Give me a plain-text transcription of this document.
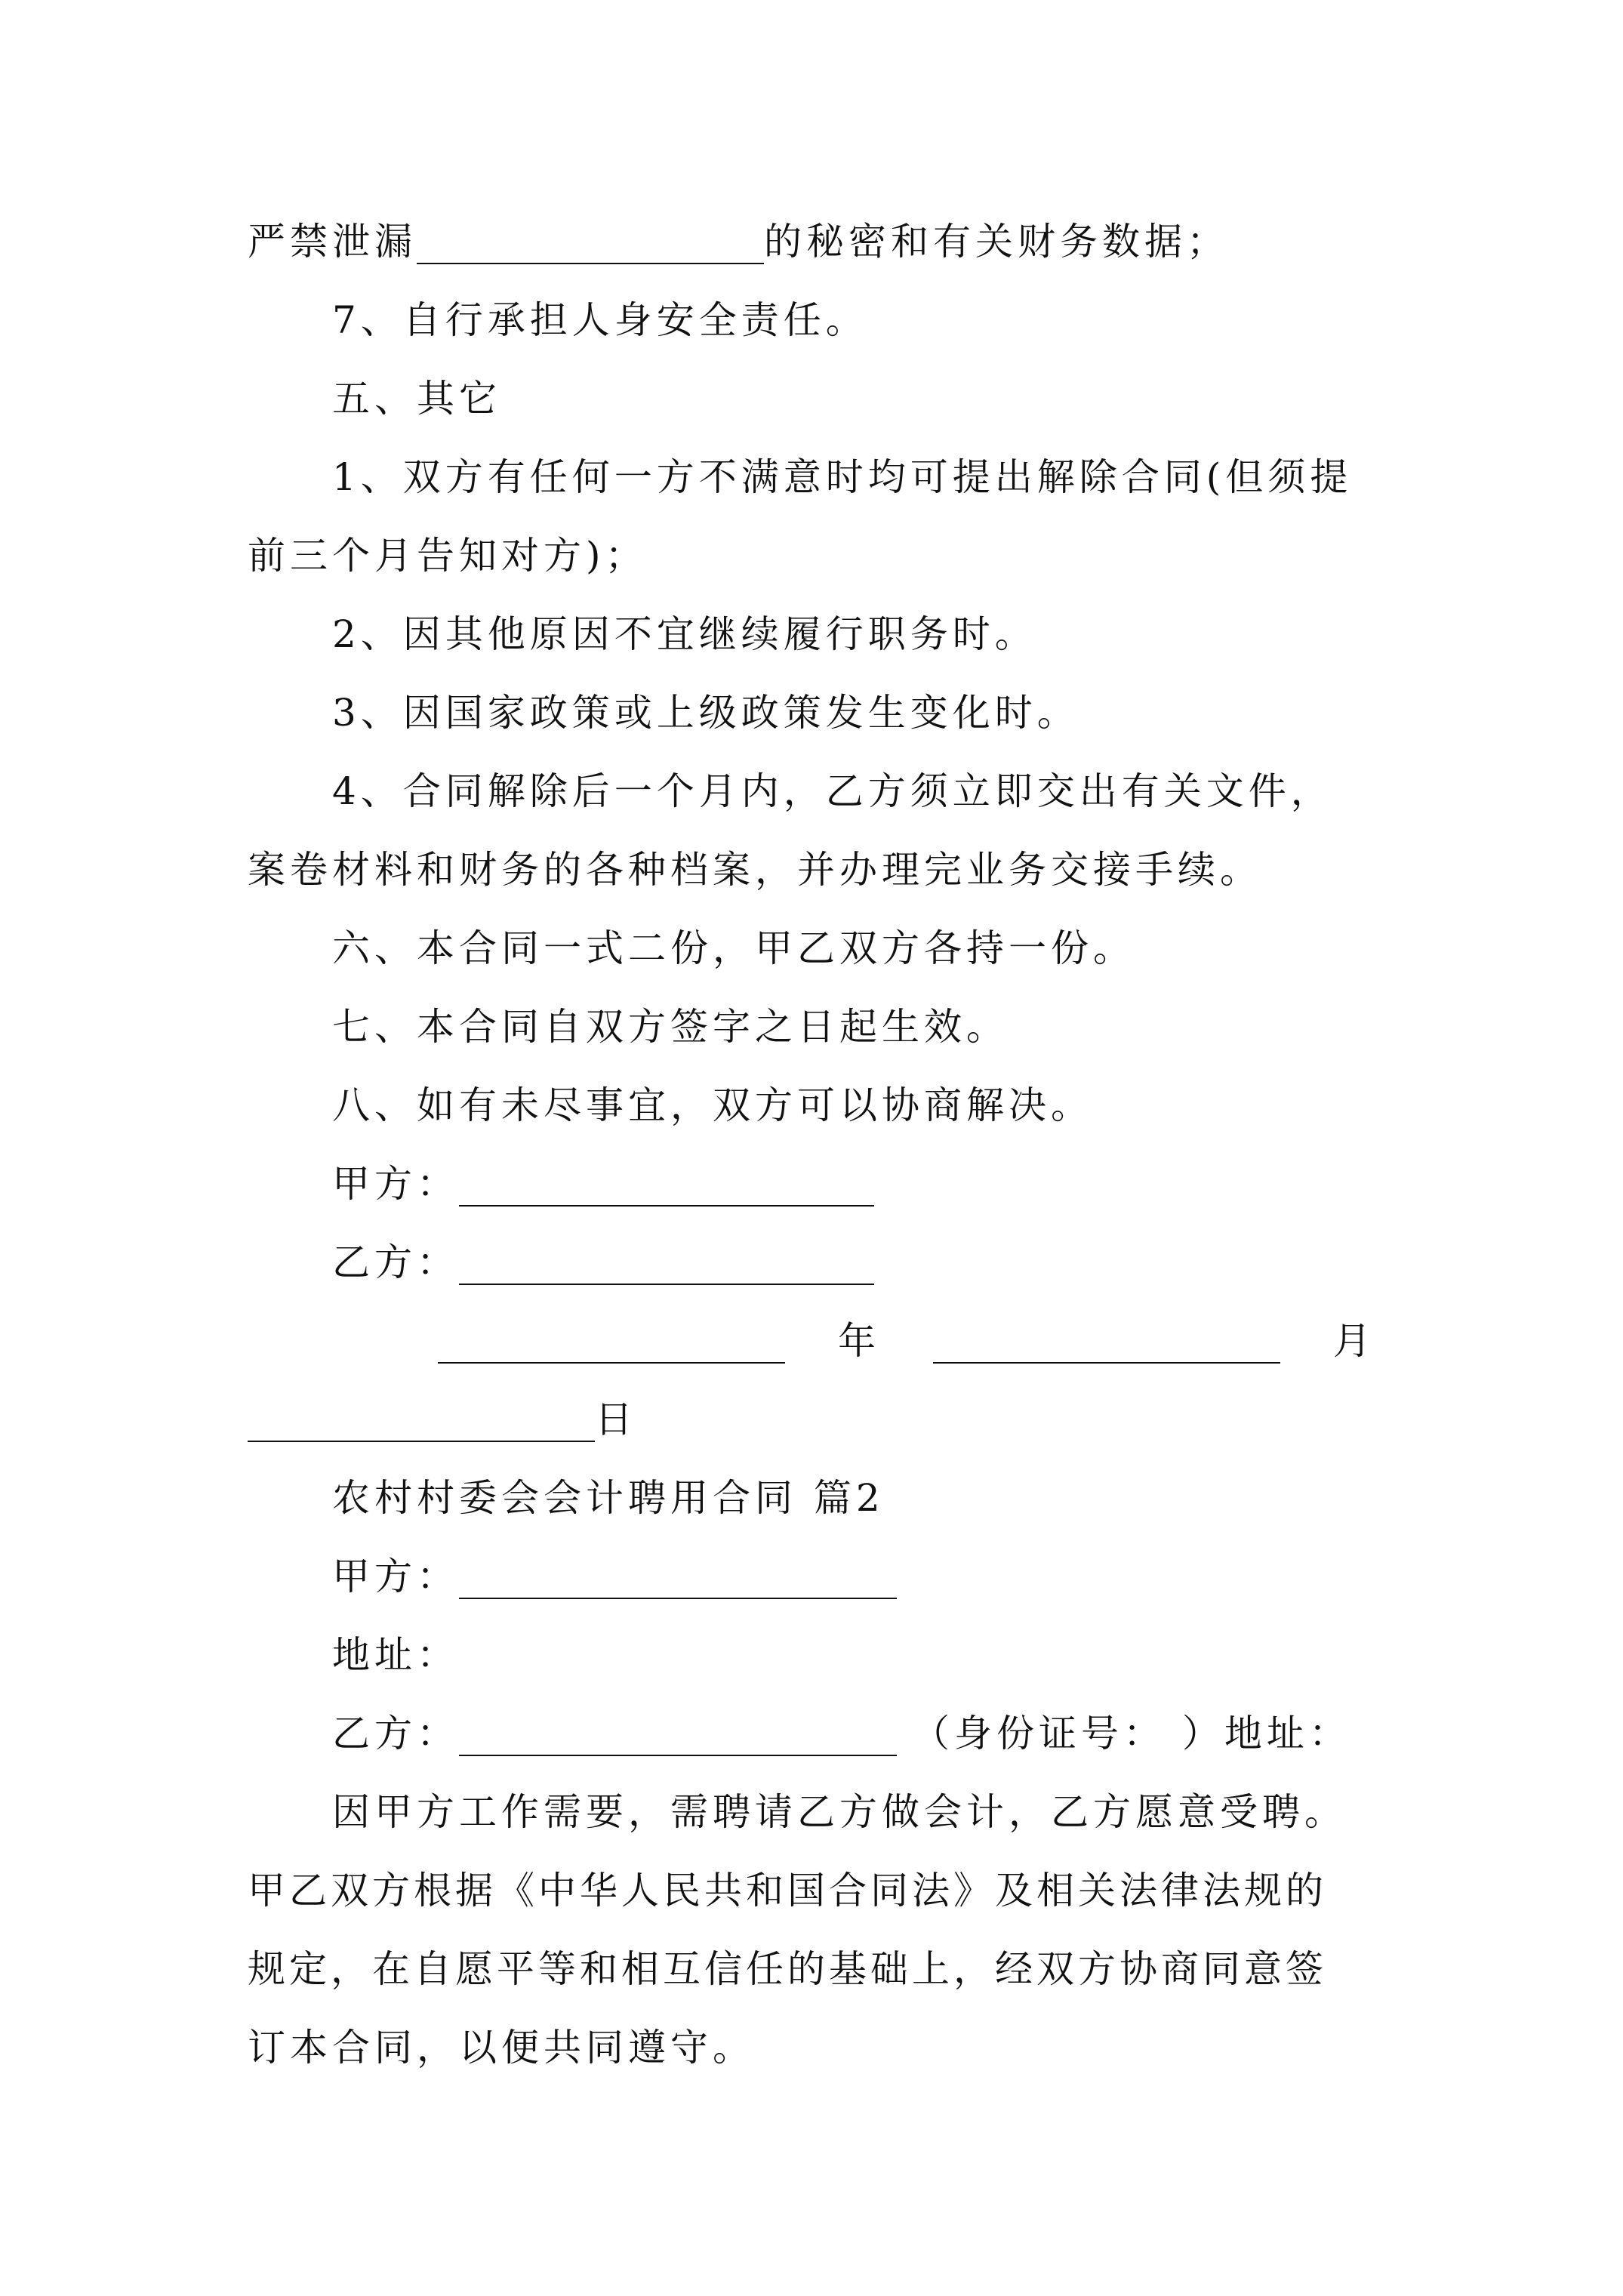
严禁泄漏	的秘密和有关财务数据；
7、自行承担人身安全责任。
五、其它
1、双方有任何一方不满意时均可提出解除合同(但须提
前三个月告知对方)；
2、因其他原因不宜继续履行职务时。
3、因国家政策或上级政策发生变化时。
4、合同解除后一个月内，乙方须立即交出有关文件，
案卷材料和财务的各种档案，并办理完业务交接手续。
六、本合同一式二份，甲乙双方各持一份。
七、本合同自双方签字之日起生效。
八、如有未尽事宜，双方可以协商解决。
甲方：
乙方：
年	月
日
农村村委会会计聘用合同 篇2
甲方：
地址：
乙方：	（身份证号： ）地址：
因甲方工作需要，需聘请乙方做会计，乙方愿意受聘。
甲乙双方根据《中华人民共和国合同法》及相关法律法规的
规定，在自愿平等和相互信任的基础上，经双方协商同意签
订本合同，以便共同遵守。
